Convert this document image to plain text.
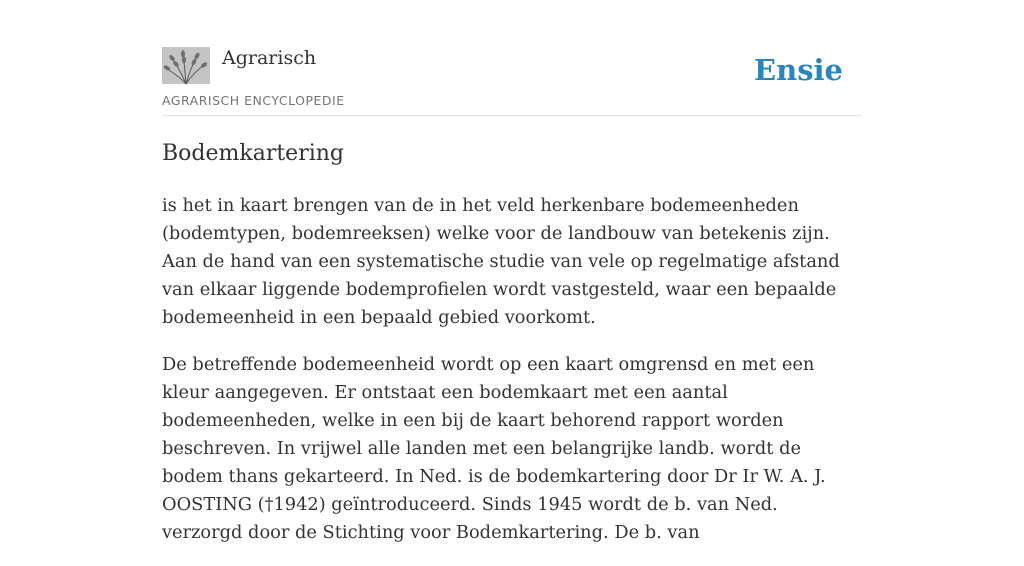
Agrarisch
AGRARISCH ENCYCLOPEDIE
Ensie
Bodemkartering

is het in kaart brengen van de in het veld herkenbare bodemeenheden (bodemtypen, bodemreeksen) welke voor de landbouw van betekenis zijn. Aan de hand van een systematische studie van vele op regelmatige afstand van elkaar liggende bodemprofielen wordt vastgesteld, waar een bepaalde bodemeenheid in een bepaald gebied voorkomt.

De betreffende bodemeenheid wordt op een kaart omgrensd en met een kleur aangegeven. Er ontstaat een bodemkaart met een aantal bodemeenheden, welke in een bij de kaart behorend rapport worden beschreven. In vrijwel alle landen met een belangrijke landb. wordt de bodem thans gekarteerd. In Ned. is de bodemkartering door Dr Ir W. A. J. OOSTING (†1942) geïntroduceerd. Sinds 1945 wordt de b. van Ned. verzorgd door de Stichting voor Bodemkartering. De b. van
